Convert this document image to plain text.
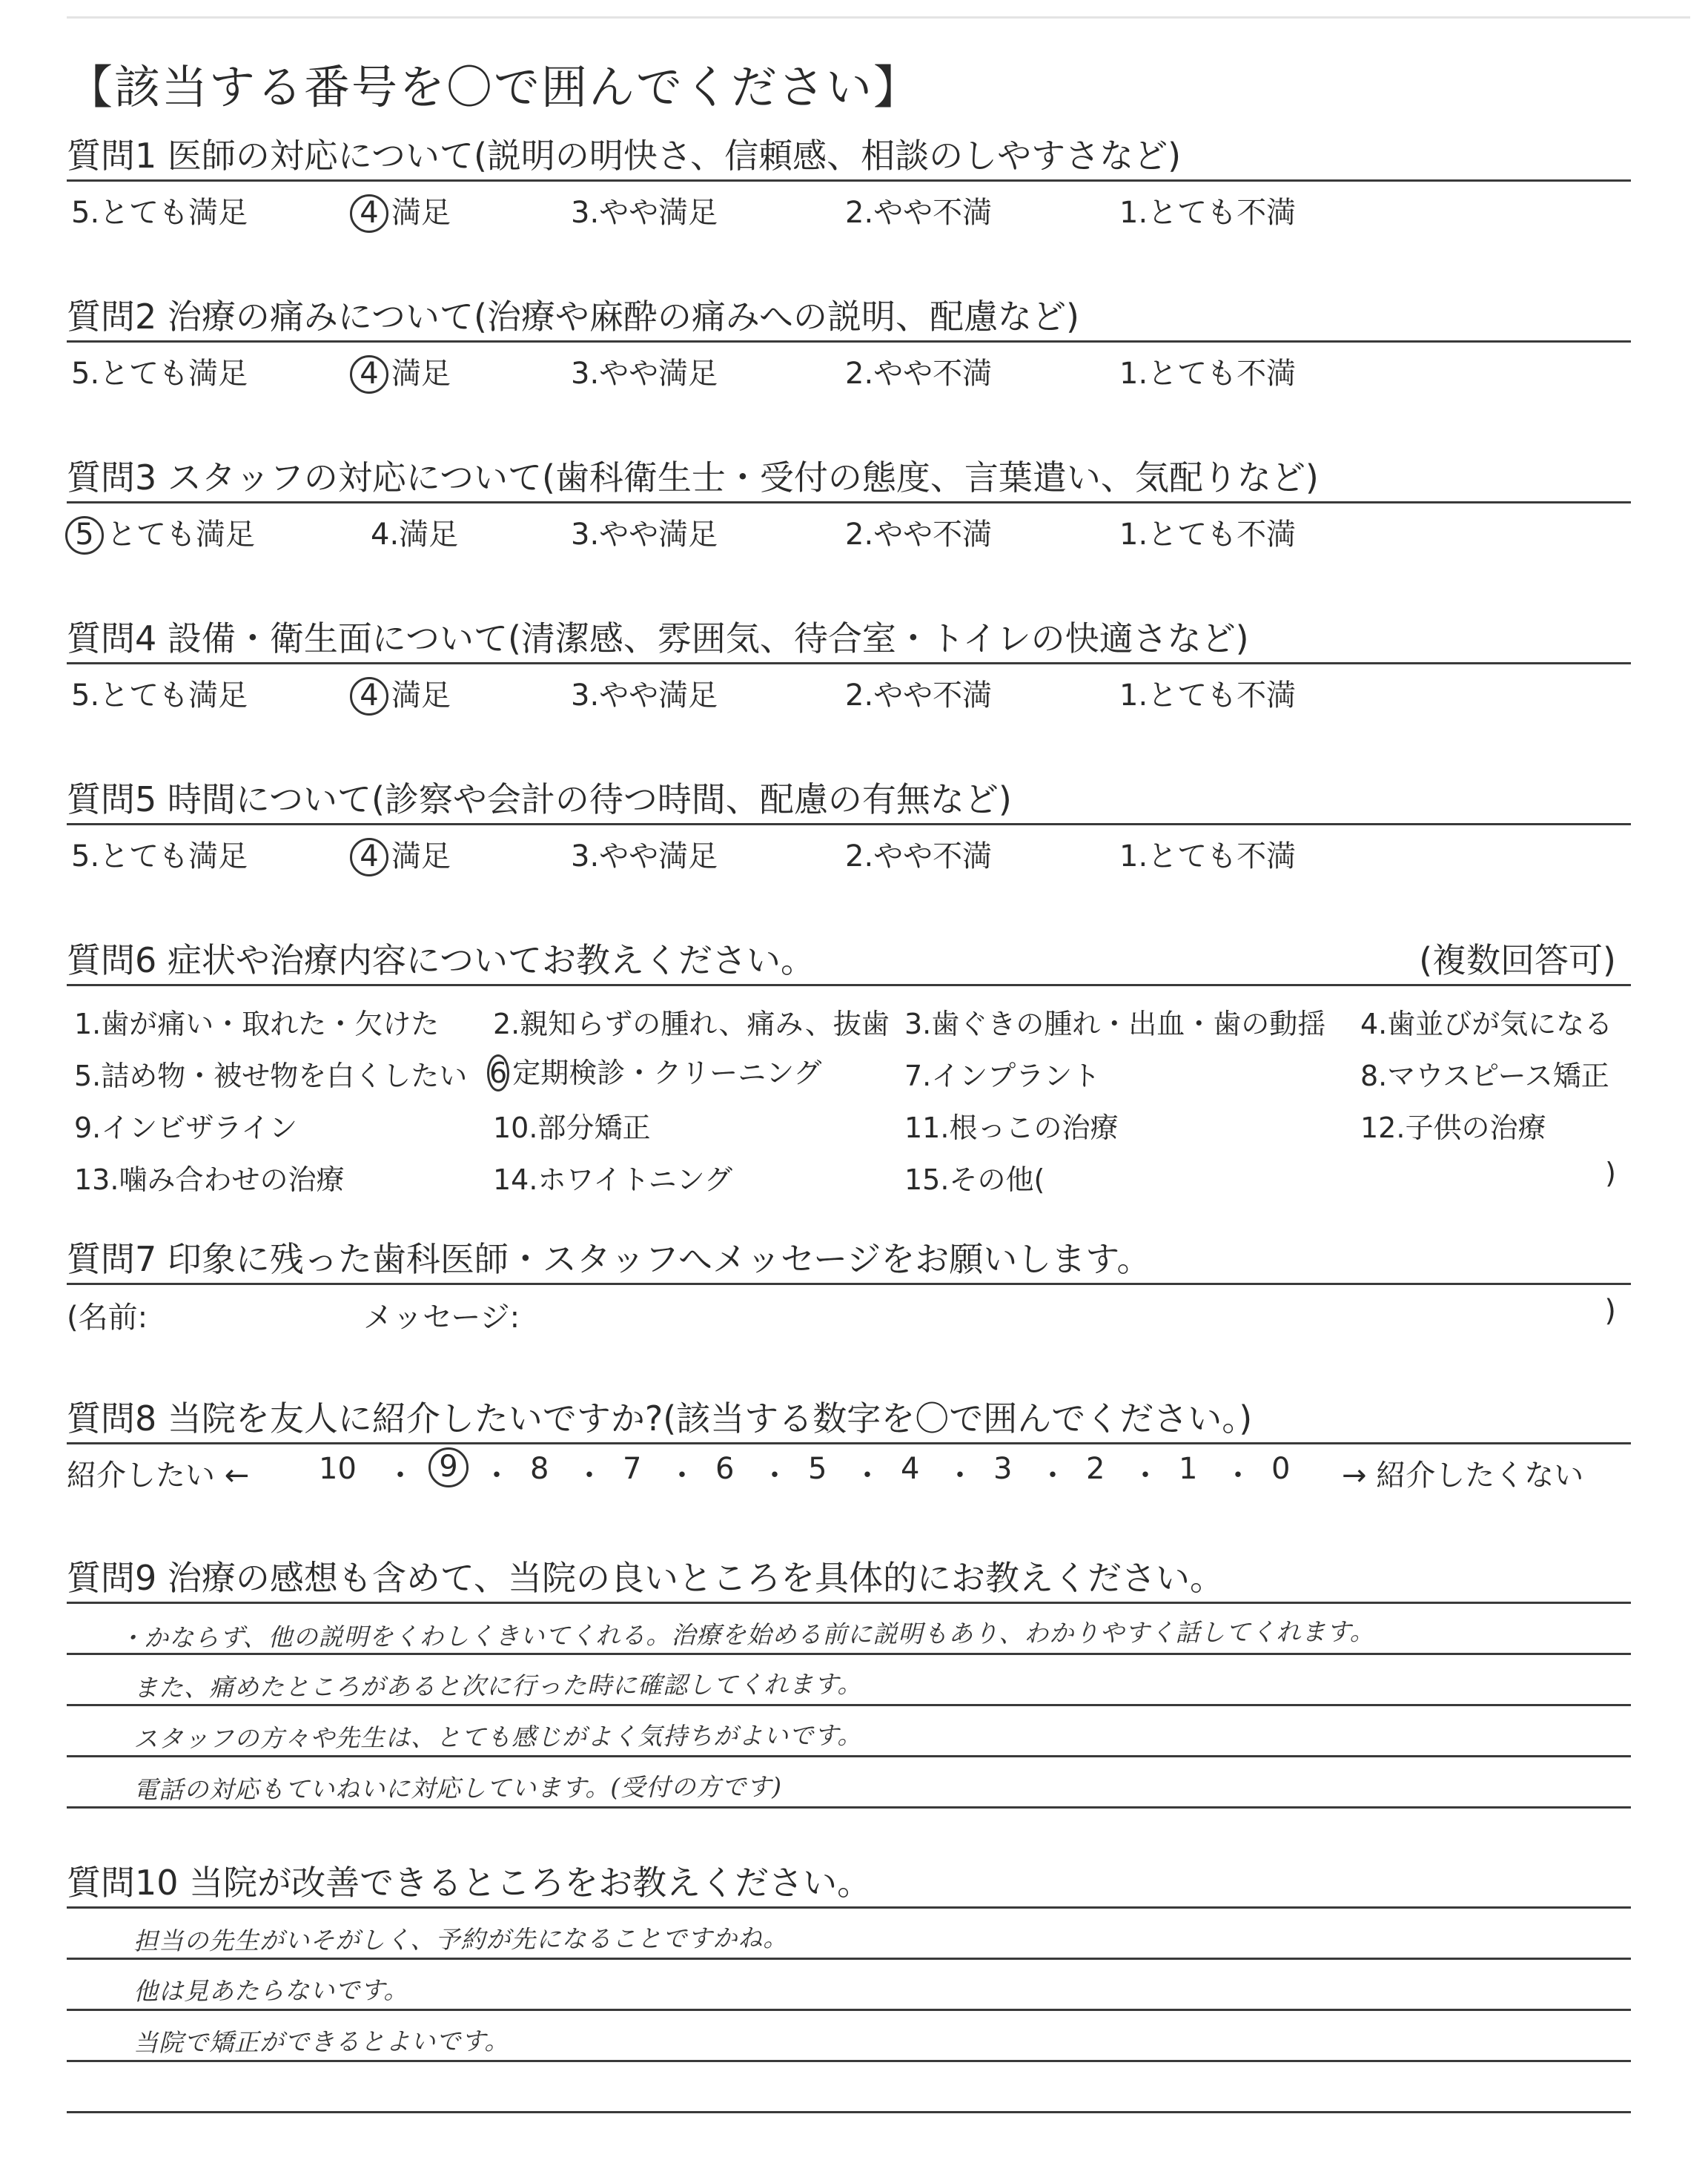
【該当する番号を〇で囲んでください】
質問1 医師の対応について(説明の明快さ、信頼感、相談のしやすさなど)
5.とても満足	4 満足	3.やや満足	2.やや不満	1.とても不満
質問2 治療の痛みについて(治療や麻酔の痛みへの説明、配慮など)
5.とても満足	4 満足	3.やや満足	2.やや不満	1.とても不満
質問3 スタッフの対応について(歯科衛生士・受付の態度、言葉遣い、気配りなど)
5 とても満足	4.満足	3.やや満足	2.やや不満	1.とても不満
質問4 設備・衛生面について(清潔感、雰囲気、待合室・トイレの快適さなど)
5.とても満足	4 満足	3.やや満足	2.やや不満	1.とても不満
質問5 時間について(診察や会計の待つ時間、配慮の有無など)
5.とても満足	4 満足	3.やや満足	2.やや不満	1.とても不満
質問6 症状や治療内容についてお教えください。	(複数回答可)
1.歯が痛い・取れた・欠けた 2.親知らずの腫れ、痛み、抜歯 3.歯ぐきの腫れ・出血・歯の動揺 4.歯並びが気になる
5.詰め物・被せ物を白くしたい 6 定期検診・クリーニング	7.インプラント	8.マウスピース矯正
9.インビザライン	10.部分矯正	11.根っこの治療	12.子供の治療
13.噛み合わせの治療	14.ホワイトニング	15.その他(	)
質問7 印象に残った歯科医師・スタッフへメッセージをお願いします。
(名前:	メッセージ:	)
質問8 当院を友人に紹介したいですか?(該当する数字を〇で囲んでください。)
紹介したい ← 10 ・ 9 ・ 8 ・ 7 ・ 6 ・ 5 ・ 4 ・ 3 ・ 2 ・ 1 ・ 0 → 紹介したくない
質問9 治療の感想も含めて、当院の良いところを具体的にお教えください。
・かならず、他の説明をくわしくきいてくれる。治療を始める前に説明もあり、わかりやすく話してくれます。
また、痛めたところがあると次に行った時に確認してくれます。
スタッフの方々や先生は、とても感じがよく気持ちがよいです。
電話の対応もていねいに対応しています。(受付の方です)
質問10 当院が改善できるところをお教えください。
担当の先生がいそがしく、予約が先になることですかね。
他は見あたらないです。
当院で矯正ができるとよいです。
